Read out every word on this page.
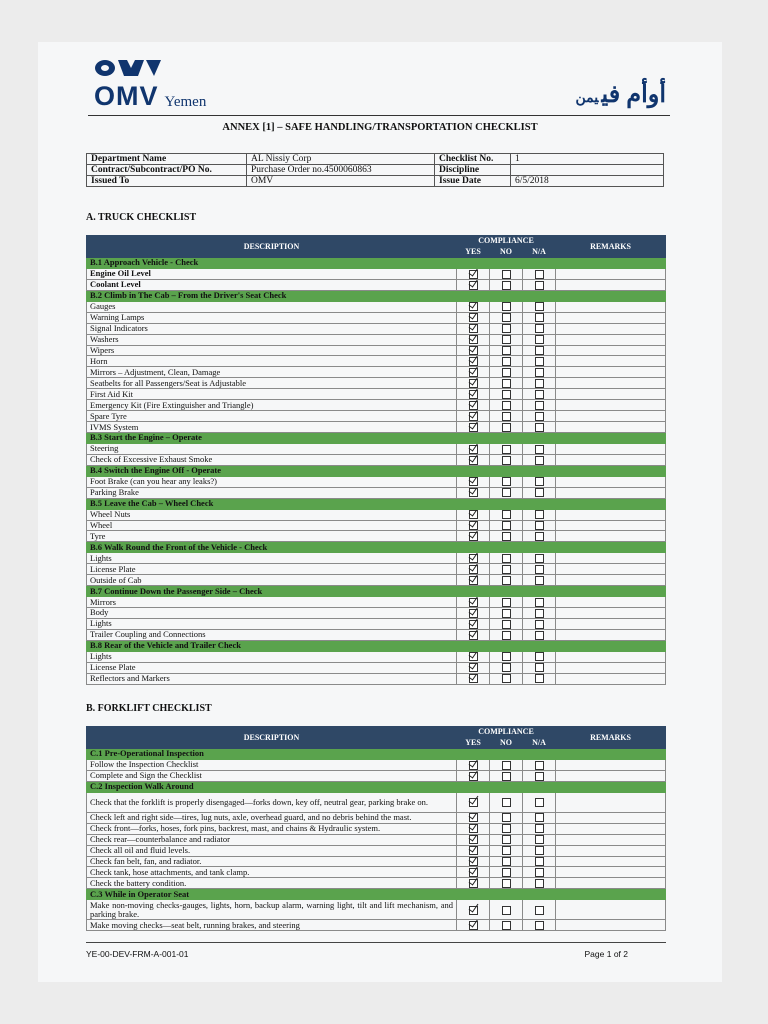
OMV Yemen	أوأم فييمن
ANNEX [1] – SAFE HANDLING/TRANSPORTATION CHECKLIST
Department Name	AL Nissiy Corp	Checklist No.	1
Contract/Subcontract/PO No.	Purchase Order no.4500060863	Discipline	
Issued To	OMV	Issue Date	6/5/2018
A. TRUCK CHECKLIST
DESCRIPTION	COMPLIANCE			REMARKS
	YES	NO	N/A	
B.1 Approach Vehicle - Check				
Engine Oil Level				
Coolant Level				
B.2 Climb in The Cab – From the Driver's Seat Check				
Gauges				
Warning Lamps				
Signal Indicators				
Washers				
Wipers				
Horn				
Mirrors – Adjustment, Clean, Damage				
Seatbelts for all Passengers/Seat is Adjustable				
First Aid Kit				
Emergency Kit (Fire Extinguisher and Triangle)				
Spare Tyre				
IVMS System				
B.3 Start the Engine – Operate				
Steering				
Check of Excessive Exhaust Smoke				
B.4 Switch the Engine Off - Operate				
Foot Brake (can you hear any leaks?)				
Parking Brake				
B.5 Leave the Cab – Wheel Check				
Wheel Nuts				
Wheel				
Tyre				
B.6 Walk Round the Front of the Vehicle - Check				
Lights				
License Plate				
Outside of Cab				
B.7 Continue Down the Passenger Side – Check				
Mirrors				
Body				
Lights				
Trailer Coupling and Connections				
B.8 Rear of the Vehicle and Trailer Check				
Lights				
License Plate				
Reflectors and Markers				
B. FORKLIFT CHECKLIST
DESCRIPTION	COMPLIANCE			REMARKS
	YES	NO	N/A	
C.1 Pre-Operational Inspection				
Follow the Inspection Checklist				
Complete and Sign the Checklist				
C.2 Inspection Walk Around				
Check that the forklift is properly disengaged—forks down, key off, neutral gear, parking brake on.				
Check left and right side—tires, lug nuts, axle, overhead guard, and no debris behind the mast.				
Check front—forks, hoses, fork pins, backrest, mast, and chains & Hydraulic system.				
Check rear—counterbalance and radiator				
Check all oil and fluid levels.				
Check fan belt, fan, and radiator.				
Check tank, hose attachments, and tank clamp.				
Check the battery condition.				
C.3 While in Operator Seat				
Make non-moving checks-gauges, lights, horn, backup alarm, warning light, tilt and lift mechanism, and parking brake.				
Make moving checks—seat belt, running brakes, and steering				
YE-00-DEV-FRM-A-001-01	Page 1 of 2
